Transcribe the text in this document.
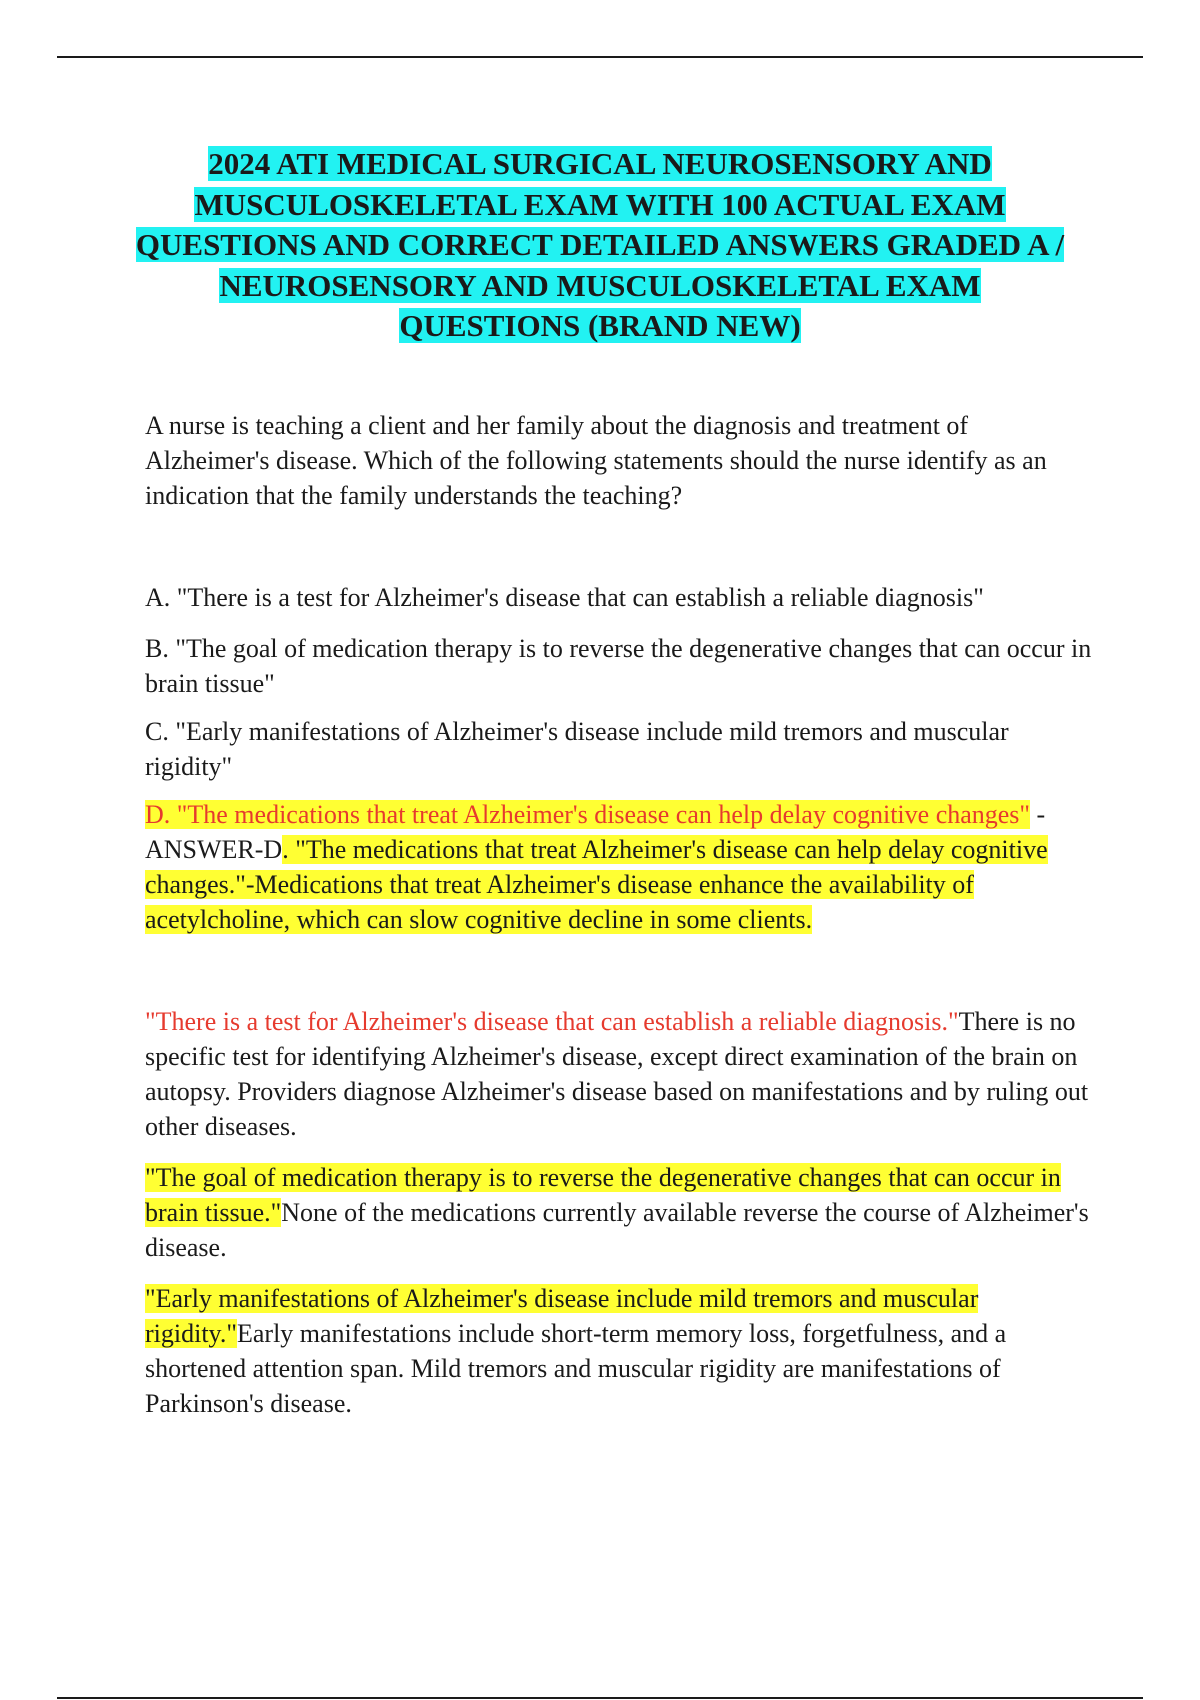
2024 ATI MEDICAL SURGICAL NEUROSENSORY AND MUSCULOSKELETAL EXAM WITH 100 ACTUAL EXAM QUESTIONS AND CORRECT DETAILED ANSWERS GRADED A / NEUROSENSORY AND MUSCULOSKELETAL EXAM QUESTIONS (BRAND NEW)

A nurse is teaching a client and her family about the diagnosis and treatment of Alzheimer's disease. Which of the following statements should the nurse identify as an indication that the family understands the teaching?

A. "There is a test for Alzheimer's disease that can establish a reliable diagnosis"

B. "The goal of medication therapy is to reverse the degenerative changes that can occur in brain tissue"

C. "Early manifestations of Alzheimer's disease include mild tremors and muscular rigidity"

D. "The medications that treat Alzheimer's disease can help delay cognitive changes" - ANSWER-D. "The medications that treat Alzheimer's disease can help delay cognitive changes."-Medications that treat Alzheimer's disease enhance the availability of acetylcholine, which can slow cognitive decline in some clients.

"There is a test for Alzheimer's disease that can establish a reliable diagnosis."There is no specific test for identifying Alzheimer's disease, except direct examination of the brain on autopsy. Providers diagnose Alzheimer's disease based on manifestations and by ruling out other diseases.

"The goal of medication therapy is to reverse the degenerative changes that can occur in brain tissue."None of the medications currently available reverse the course of Alzheimer's disease.

"Early manifestations of Alzheimer's disease include mild tremors and muscular rigidity."Early manifestations include short-term memory loss, forgetfulness, and a shortened attention span. Mild tremors and muscular rigidity are manifestations of Parkinson's disease.
